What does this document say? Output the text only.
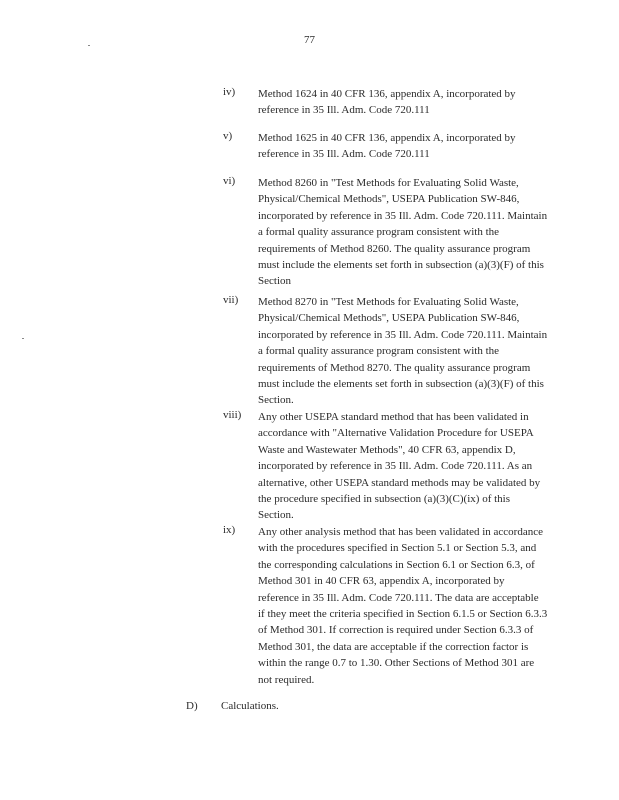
77
iv) Method 1624 in 40 CFR 136, appendix A, incorporated by reference in 35 Ill. Adm. Code 720.111
v) Method 1625 in 40 CFR 136, appendix A, incorporated by reference in 35 Ill. Adm. Code 720.111
vi) Method 8260 in "Test Methods for Evaluating Solid Waste, Physical/Chemical Methods", USEPA Publication SW-846, incorporated by reference in 35 Ill. Adm. Code 720.111. Maintain a formal quality assurance program consistent with the requirements of Method 8260. The quality assurance program must include the elements set forth in subsection (a)(3)(F) of this Section
vii) Method 8270 in "Test Methods for Evaluating Solid Waste, Physical/Chemical Methods", USEPA Publication SW-846, incorporated by reference in 35 Ill. Adm. Code 720.111. Maintain a formal quality assurance program consistent with the requirements of Method 8270. The quality assurance program must include the elements set forth in subsection (a)(3)(F) of this Section.
viii) Any other USEPA standard method that has been validated in accordance with "Alternative Validation Procedure for USEPA Waste and Wastewater Methods", 40 CFR 63, appendix D, incorporated by reference in 35 Ill. Adm. Code 720.111. As an alternative, other USEPA standard methods may be validated by the procedure specified in subsection (a)(3)(C)(ix) of this Section.
ix) Any other analysis method that has been validated in accordance with the procedures specified in Section 5.1 or Section 5.3, and the corresponding calculations in Section 6.1 or Section 6.3, of Method 301 in 40 CFR 63, appendix A, incorporated by reference in 35 Ill. Adm. Code 720.111. The data are acceptable if they meet the criteria specified in Section 6.1.5 or Section 6.3.3 of Method 301. If correction is required under Section 6.3.3 of Method 301, the data are acceptable if the correction factor is within the range 0.7 to 1.30. Other Sections of Method 301 are not required.
D) Calculations.
